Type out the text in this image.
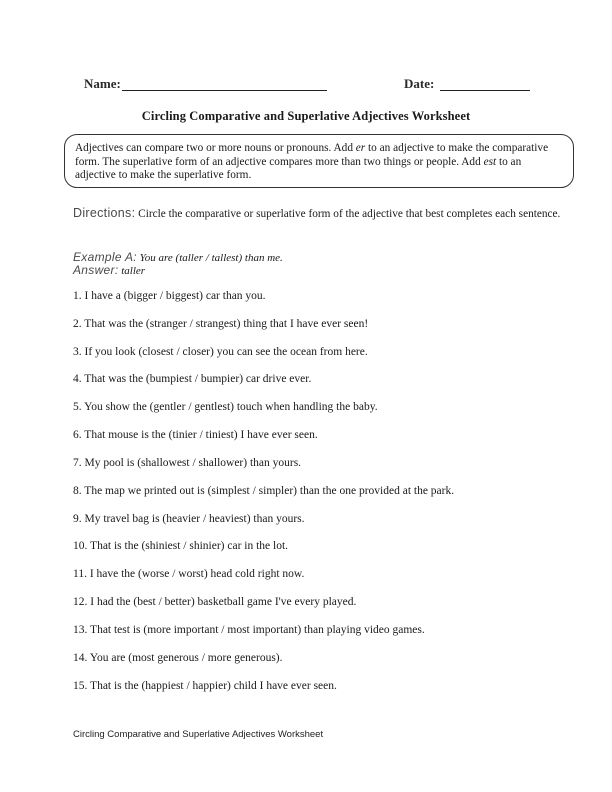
Name:	Date:
Circling Comparative and Superlative Adjectives Worksheet
Adjectives can compare two or more nouns or pronouns. Add er to an adjective to make the comparative form. The superlative form of an adjective compares more than two things or people. Add est to an adjective to make the superlative form.
Directions: Circle the comparative or superlative form of the adjective that best completes each sentence.
Example A: You are (taller / tallest) than me.
Answer: taller
1. I have a (bigger / biggest) car than you.
2. That was the (stranger / strangest) thing that I have ever seen!
3. If you look (closest / closer) you can see the ocean from here.
4. That was the (bumpiest / bumpier) car drive ever.
5. You show the (gentler / gentlest) touch when handling the baby.
6. That mouse is the (tinier / tiniest) I have ever seen.
7. My pool is (shallowest / shallower) than yours.
8. The map we printed out is (simplest / simpler) than the one provided at the park.
9. My travel bag is (heavier / heaviest) than yours.
10. That is the (shiniest / shinier) car in the lot.
11. I have the (worse / worst) head cold right now.
12. I had the (best / better) basketball game I've every played.
13. That test is (more important / most important) than playing video games.
14. You are (most generous / more generous).
15. That is the (happiest / happier) child I have ever seen.
Circling Comparative and Superlative Adjectives Worksheet
